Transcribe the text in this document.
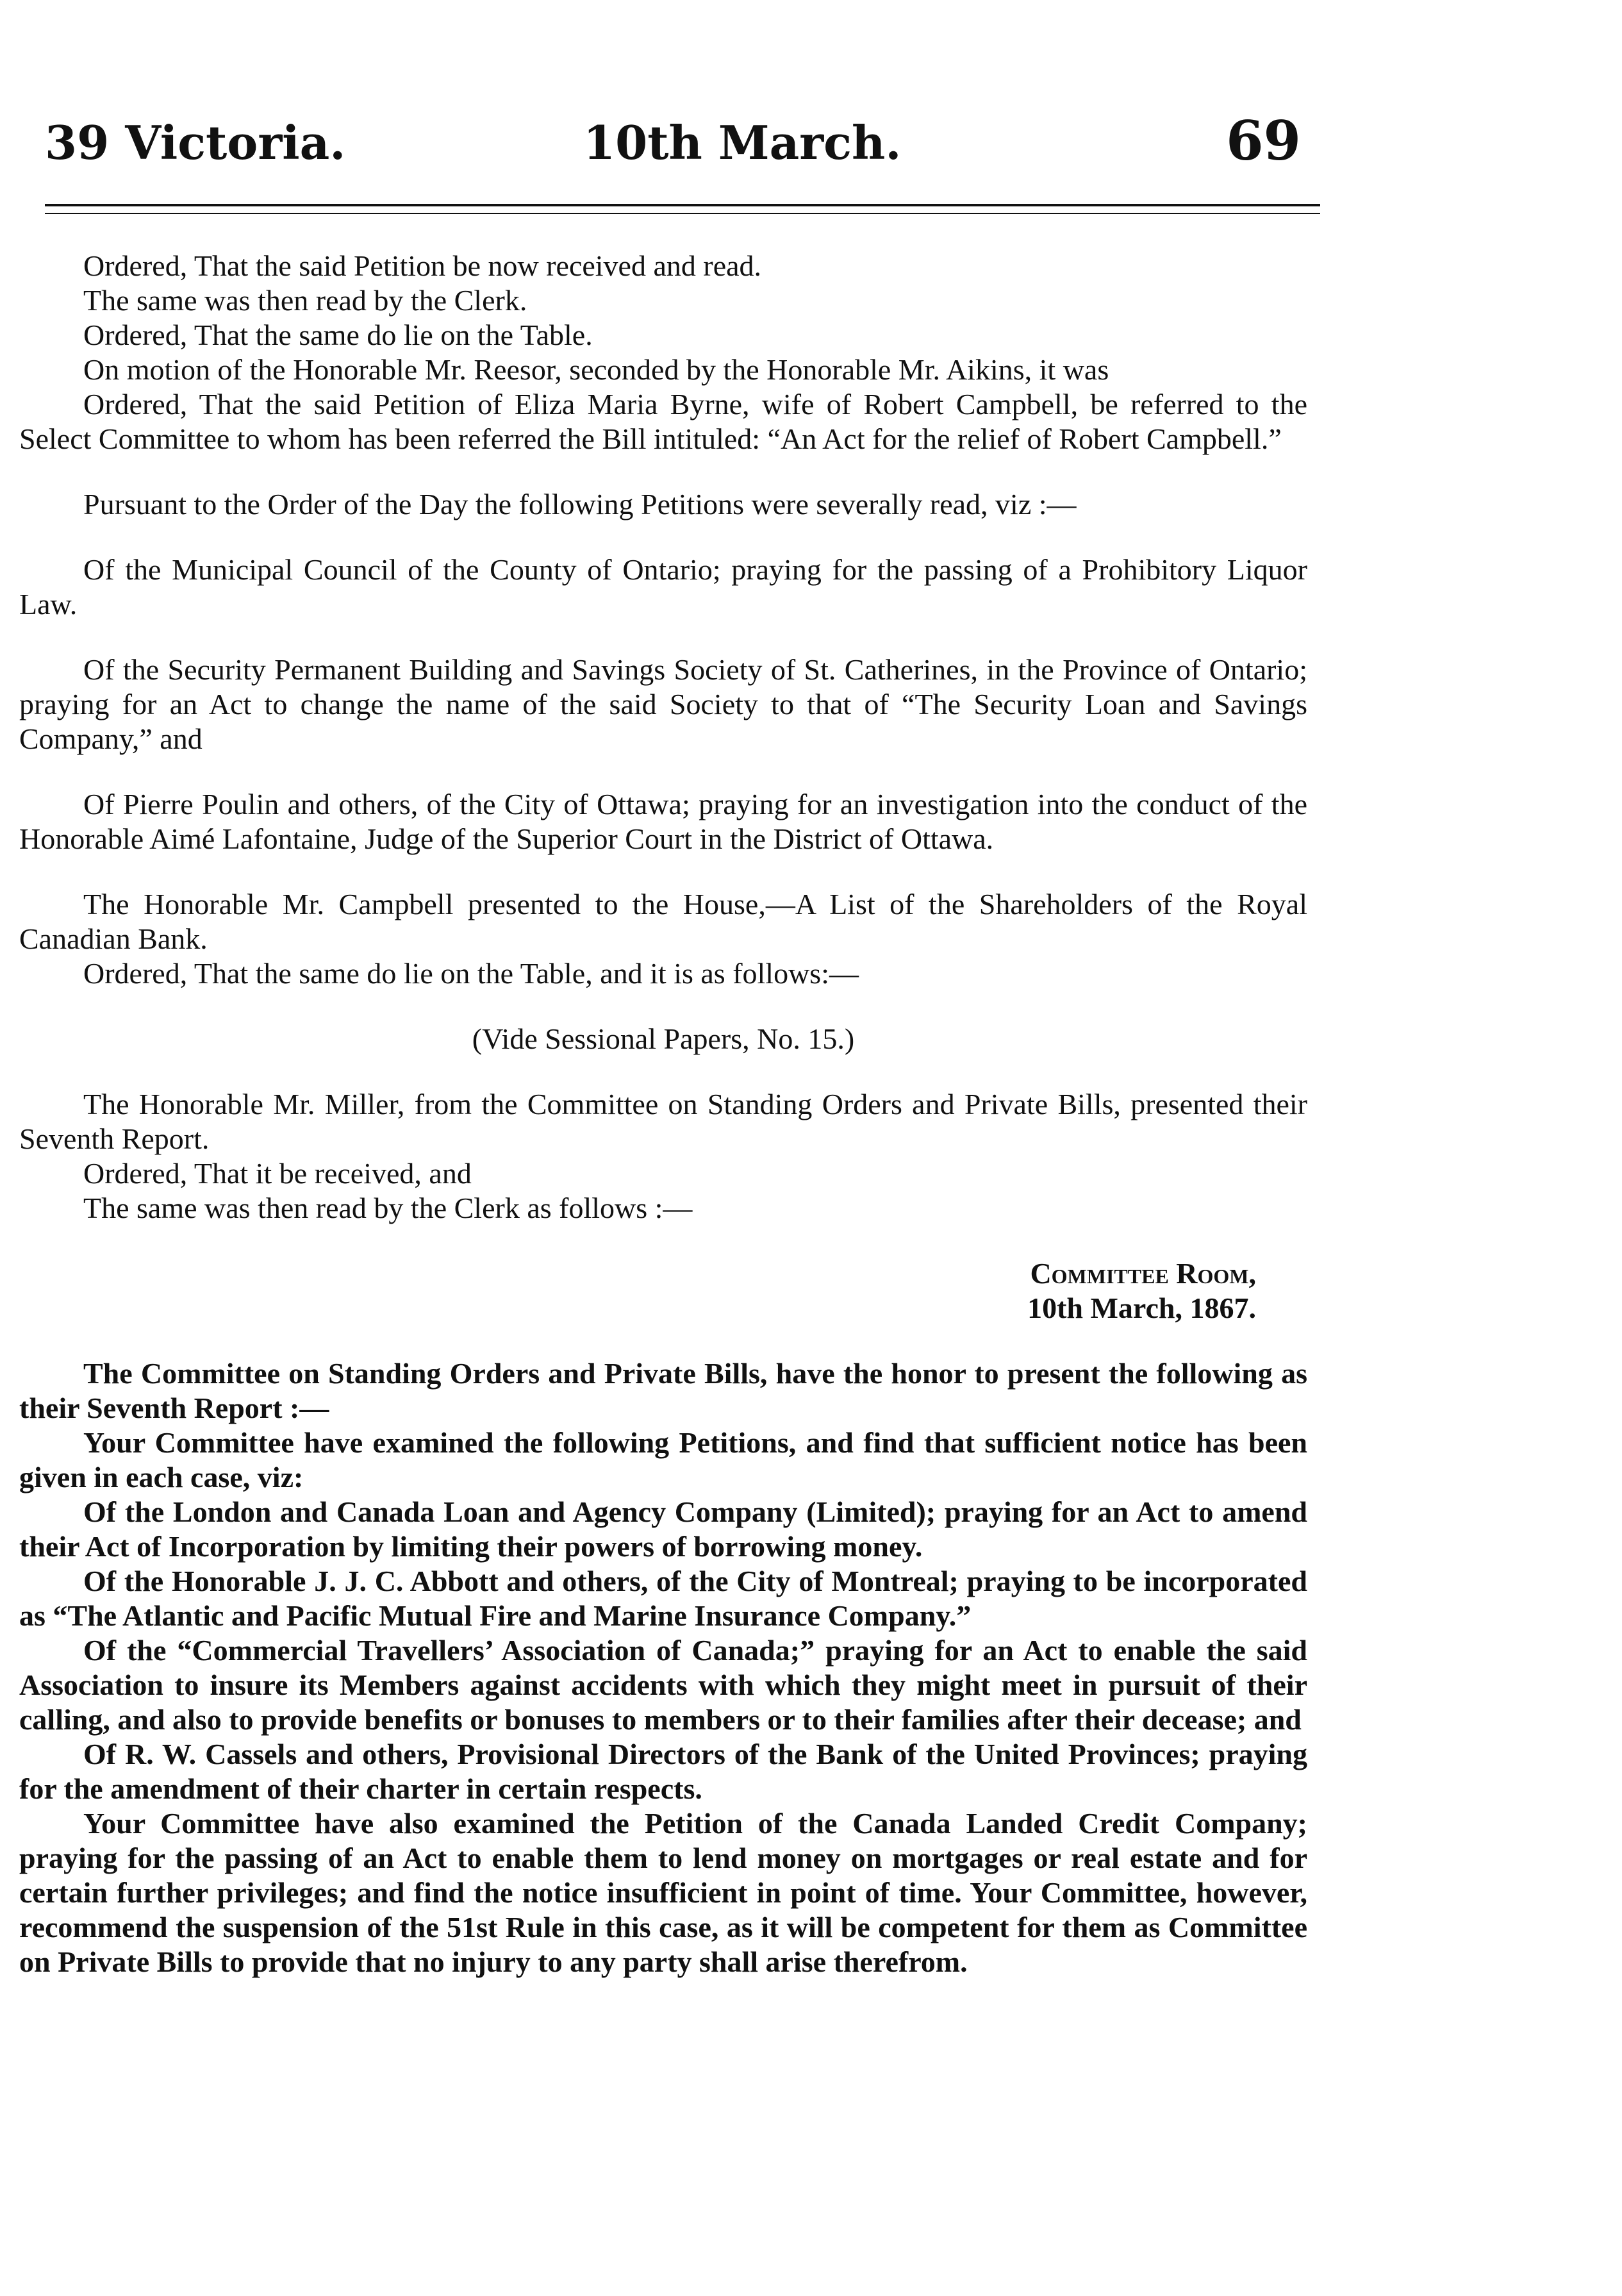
39 Victoria.	10th March.	69

Ordered, That the said Petition be now received and read.

The same was then read by the Clerk.

Ordered, That the same do lie on the Table.

On motion of the Honorable Mr. Reesor, seconded by the Honorable Mr. Aikins, it was

Ordered, That the said Petition of Eliza Maria Byrne, wife of Robert Campbell, be referred to the Select Committee to whom has been referred the Bill intituled: “An Act for the relief of Robert Campbell.”

Pursuant to the Order of the Day the following Petitions were severally read, viz :—

Of the Municipal Council of the County of Ontario; praying for the passing of a Prohibitory Liquor Law.

Of the Security Permanent Building and Savings Society of St. Catherines, in the Province of Ontario; praying for an Act to change the name of the said Society to that of “The Security Loan and Savings Company,” and

Of Pierre Poulin and others, of the City of Ottawa; praying for an investigation into the conduct of the Honorable Aimé Lafontaine, Judge of the Superior Court in the District of Ottawa.

The Honorable Mr. Campbell presented to the House,—A List of the Shareholders of the Royal Canadian Bank.

Ordered, That the same do lie on the Table, and it is as follows:—

(Vide Sessional Papers, No. 15.)

The Honorable Mr. Miller, from the Committee on Standing Orders and Private Bills, presented their Seventh Report.

Ordered, That it be received, and

The same was then read by the Clerk as follows :—

Committee Room,

10th March, 1867.

The Committee on Standing Orders and Private Bills, have the honor to present the following as their Seventh Report :—

Your Committee have examined the following Petitions, and find that sufficient notice has been given in each case, viz:

Of the London and Canada Loan and Agency Company (Limited); praying for an Act to amend their Act of Incorporation by limiting their powers of borrowing money.

Of the Honorable J. J. C. Abbott and others, of the City of Montreal; praying to be incorporated as “The Atlantic and Pacific Mutual Fire and Marine Insurance Company.”

Of the “Commercial Travellers’ Association of Canada;” praying for an Act to enable the said Association to insure its Members against accidents with which they might meet in pursuit of their calling, and also to provide benefits or bonuses to members or to their families after their decease; and

Of R. W. Cassels and others, Provisional Directors of the Bank of the United Provinces; praying for the amendment of their charter in certain respects.

Your Committee have also examined the Petition of the Canada Landed Credit Company; praying for the passing of an Act to enable them to lend money on mortgages or real estate and for certain further privileges; and find the notice insufficient in point of time. Your Committee, however, recommend the suspension of the 51st Rule in this case, as it will be competent for them as Committee on Private Bills to provide that no injury to any party shall arise therefrom.
